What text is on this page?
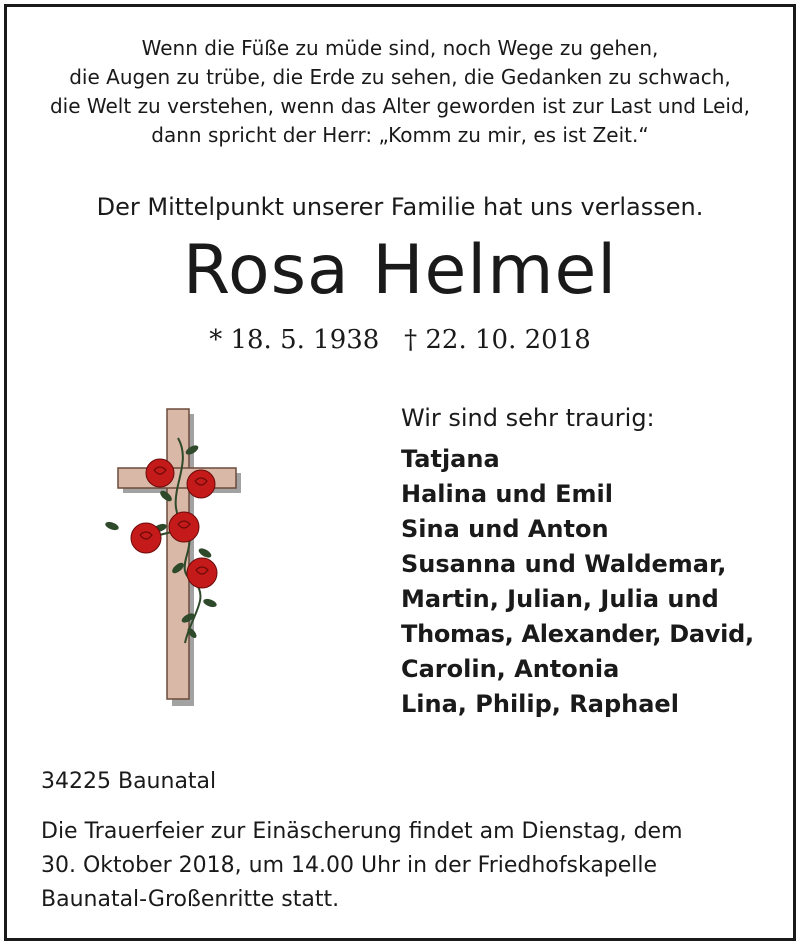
Wenn die Füße zu müde sind, noch Wege zu gehen,
die Augen zu trübe, die Erde zu sehen, die Gedanken zu schwach,
die Welt zu verstehen, wenn das Alter geworden ist zur Last und Leid,
dann spricht der Herr: „Komm zu mir, es ist Zeit.“
Der Mittelpunkt unserer Familie hat uns verlassen.
Rosa Helmel
* 18. 5. 1938   † 22. 10. 2018
Wir sind sehr traurig:
Tatjana
Halina und Emil
Sina und Anton
Susanna und Waldemar,
Martin, Julian, Julia und
Thomas, Alexander, David,
Carolin, Antonia
Lina, Philip, Raphael
34225 Baunatal
Die Trauerfeier zur Einäscherung findet am Dienstag, dem
30. Oktober 2018, um 14.00 Uhr in der Friedhofskapelle
Baunatal-Großenritte statt.
